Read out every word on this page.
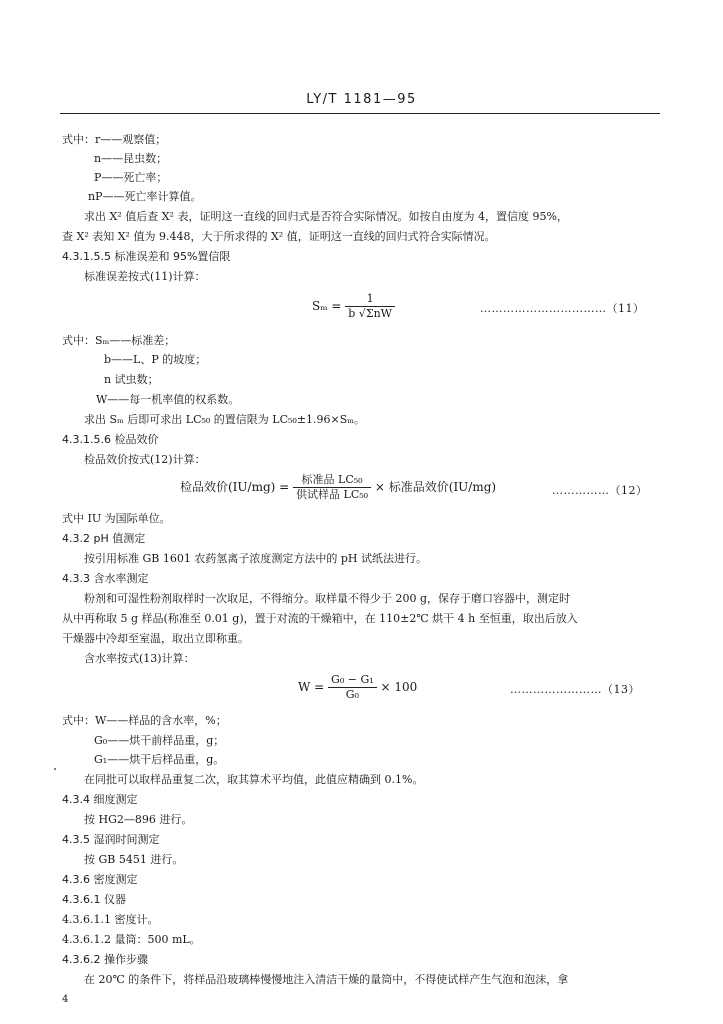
LY/T 1181—95
式中：r——观察值；
n——昆虫数；
P——死亡率；
nP——死亡率计算值。
求出 X² 值后查 X² 表，证明这一直线的回归式是否符合实际情况。如按自由度为 4，置信度 95%，
查 X² 表知 X² 值为 9.448，大于所求得的 X² 值，证明这一直线的回归式符合实际情况。
4.3.1.5.5 标准误差和 95%置信限
标准误差按式(11)计算：
$S_m = \frac{1}{\text{b √ΣnW}}$	……………………………（11）
式中：Sₘ——标准差；
b——L、P 的坡度；
n 试虫数；
W——每一机率值的权系数。
求出 Sₘ 后即可求出 LC₅₀ 的置信限为 LC₅₀±1.96×Sₘ。
4.3.1.5.6 检品效价
检品效价按式(12)计算：
检品效价$(IU/mg) = \frac{\text{标准品 LC₅₀}}{\text{供试样品 LC₅₀}}$ × 标准品效价(IU/mg)	……………（12）
式中 IU 为国际单位。
4.3.2 pH 值测定
按引用标准 GB 1601 农药氢离子浓度测定方法中的 pH 试纸法进行。
4.3.3 含水率测定
粉剂和可湿性粉剂取样时一次取足，不得缩分。取样量不得少于 200 g，保存于磨口容器中，测定时
从中再称取 5 g 样品(称准至 0.01 g)，置于对流的干燥箱中，在 110±2℃ 烘干 4 h 至恒重，取出后放入
干燥器中冷却至室温，取出立即称重。
含水率按式(13)计算：
$W = \frac{\text{G₀ − G₁}}{\text{G₀}} \times 100$	……………………（13）
式中：W——样品的含水率，%；
G₀——烘干前样品重，g；
G₁——烘干后样品重，g。
在同批可以取样品重复二次，取其算术平均值，此值应精确到 0.1%。
4.3.4 细度测定
按 HG2—896 进行。
4.3.5 湿润时间测定
按 GB 5451 进行。
4.3.6 密度测定
4.3.6.1 仪器
4.3.6.1.1 密度计。
4.3.6.1.2 量筒：500 mL。
4.3.6.2 操作步骤
在 20℃ 的条件下，将样品沿玻璃棒慢慢地注入清洁干燥的量筒中，不得使试样产生气泡和泡沫，拿
4
